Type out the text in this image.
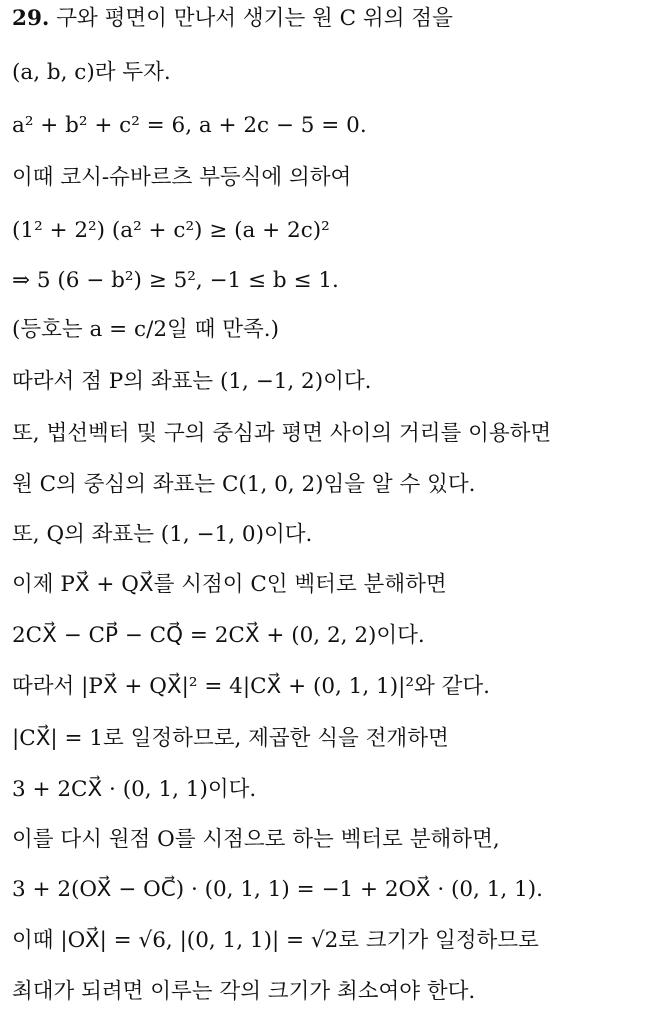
29. 구와 평면이 만나서 생기는 원 C 위의 점을
(a, b, c)라 두자.
a² + b² + c² = 6, a + 2c − 5 = 0.
이때 코시-슈바르츠 부등식에 의하여
(1² + 2²) (a² + c²) ≥ (a + 2c)²
⇒ 5 (6 − b²) ≥ 5², −1 ≤ b ≤ 1.
(등호는 a = c/2일 때 만족.)
따라서 점 P의 좌표는 (1, −1, 2)이다.
또, 법선벡터 및 구의 중심과 평면 사이의 거리를 이용하면
원 C의 중심의 좌표는 C(1, 0, 2)임을 알 수 있다.
또, Q의 좌표는 (1, −1, 0)이다.
이제 PX⃗ + QX⃗를 시점이 C인 벡터로 분해하면
2CX⃗ − CP⃗ − CQ⃗ = 2CX⃗ + (0, 2, 2)이다.
따라서 |PX⃗ + QX⃗|² = 4|CX⃗ + (0, 1, 1)|²와 같다.
|CX⃗| = 1로 일정하므로, 제곱한 식을 전개하면
3 + 2CX⃗ · (0, 1, 1)이다.
이를 다시 원점 O를 시점으로 하는 벡터로 분해하면,
3 + 2(OX⃗ − OC⃗) · (0, 1, 1) = −1 + 2OX⃗ · (0, 1, 1).
이때 |OX⃗| = √6, |(0, 1, 1)| = √2로 크기가 일정하므로
최대가 되려면 이루는 각의 크기가 최소여야 한다.
